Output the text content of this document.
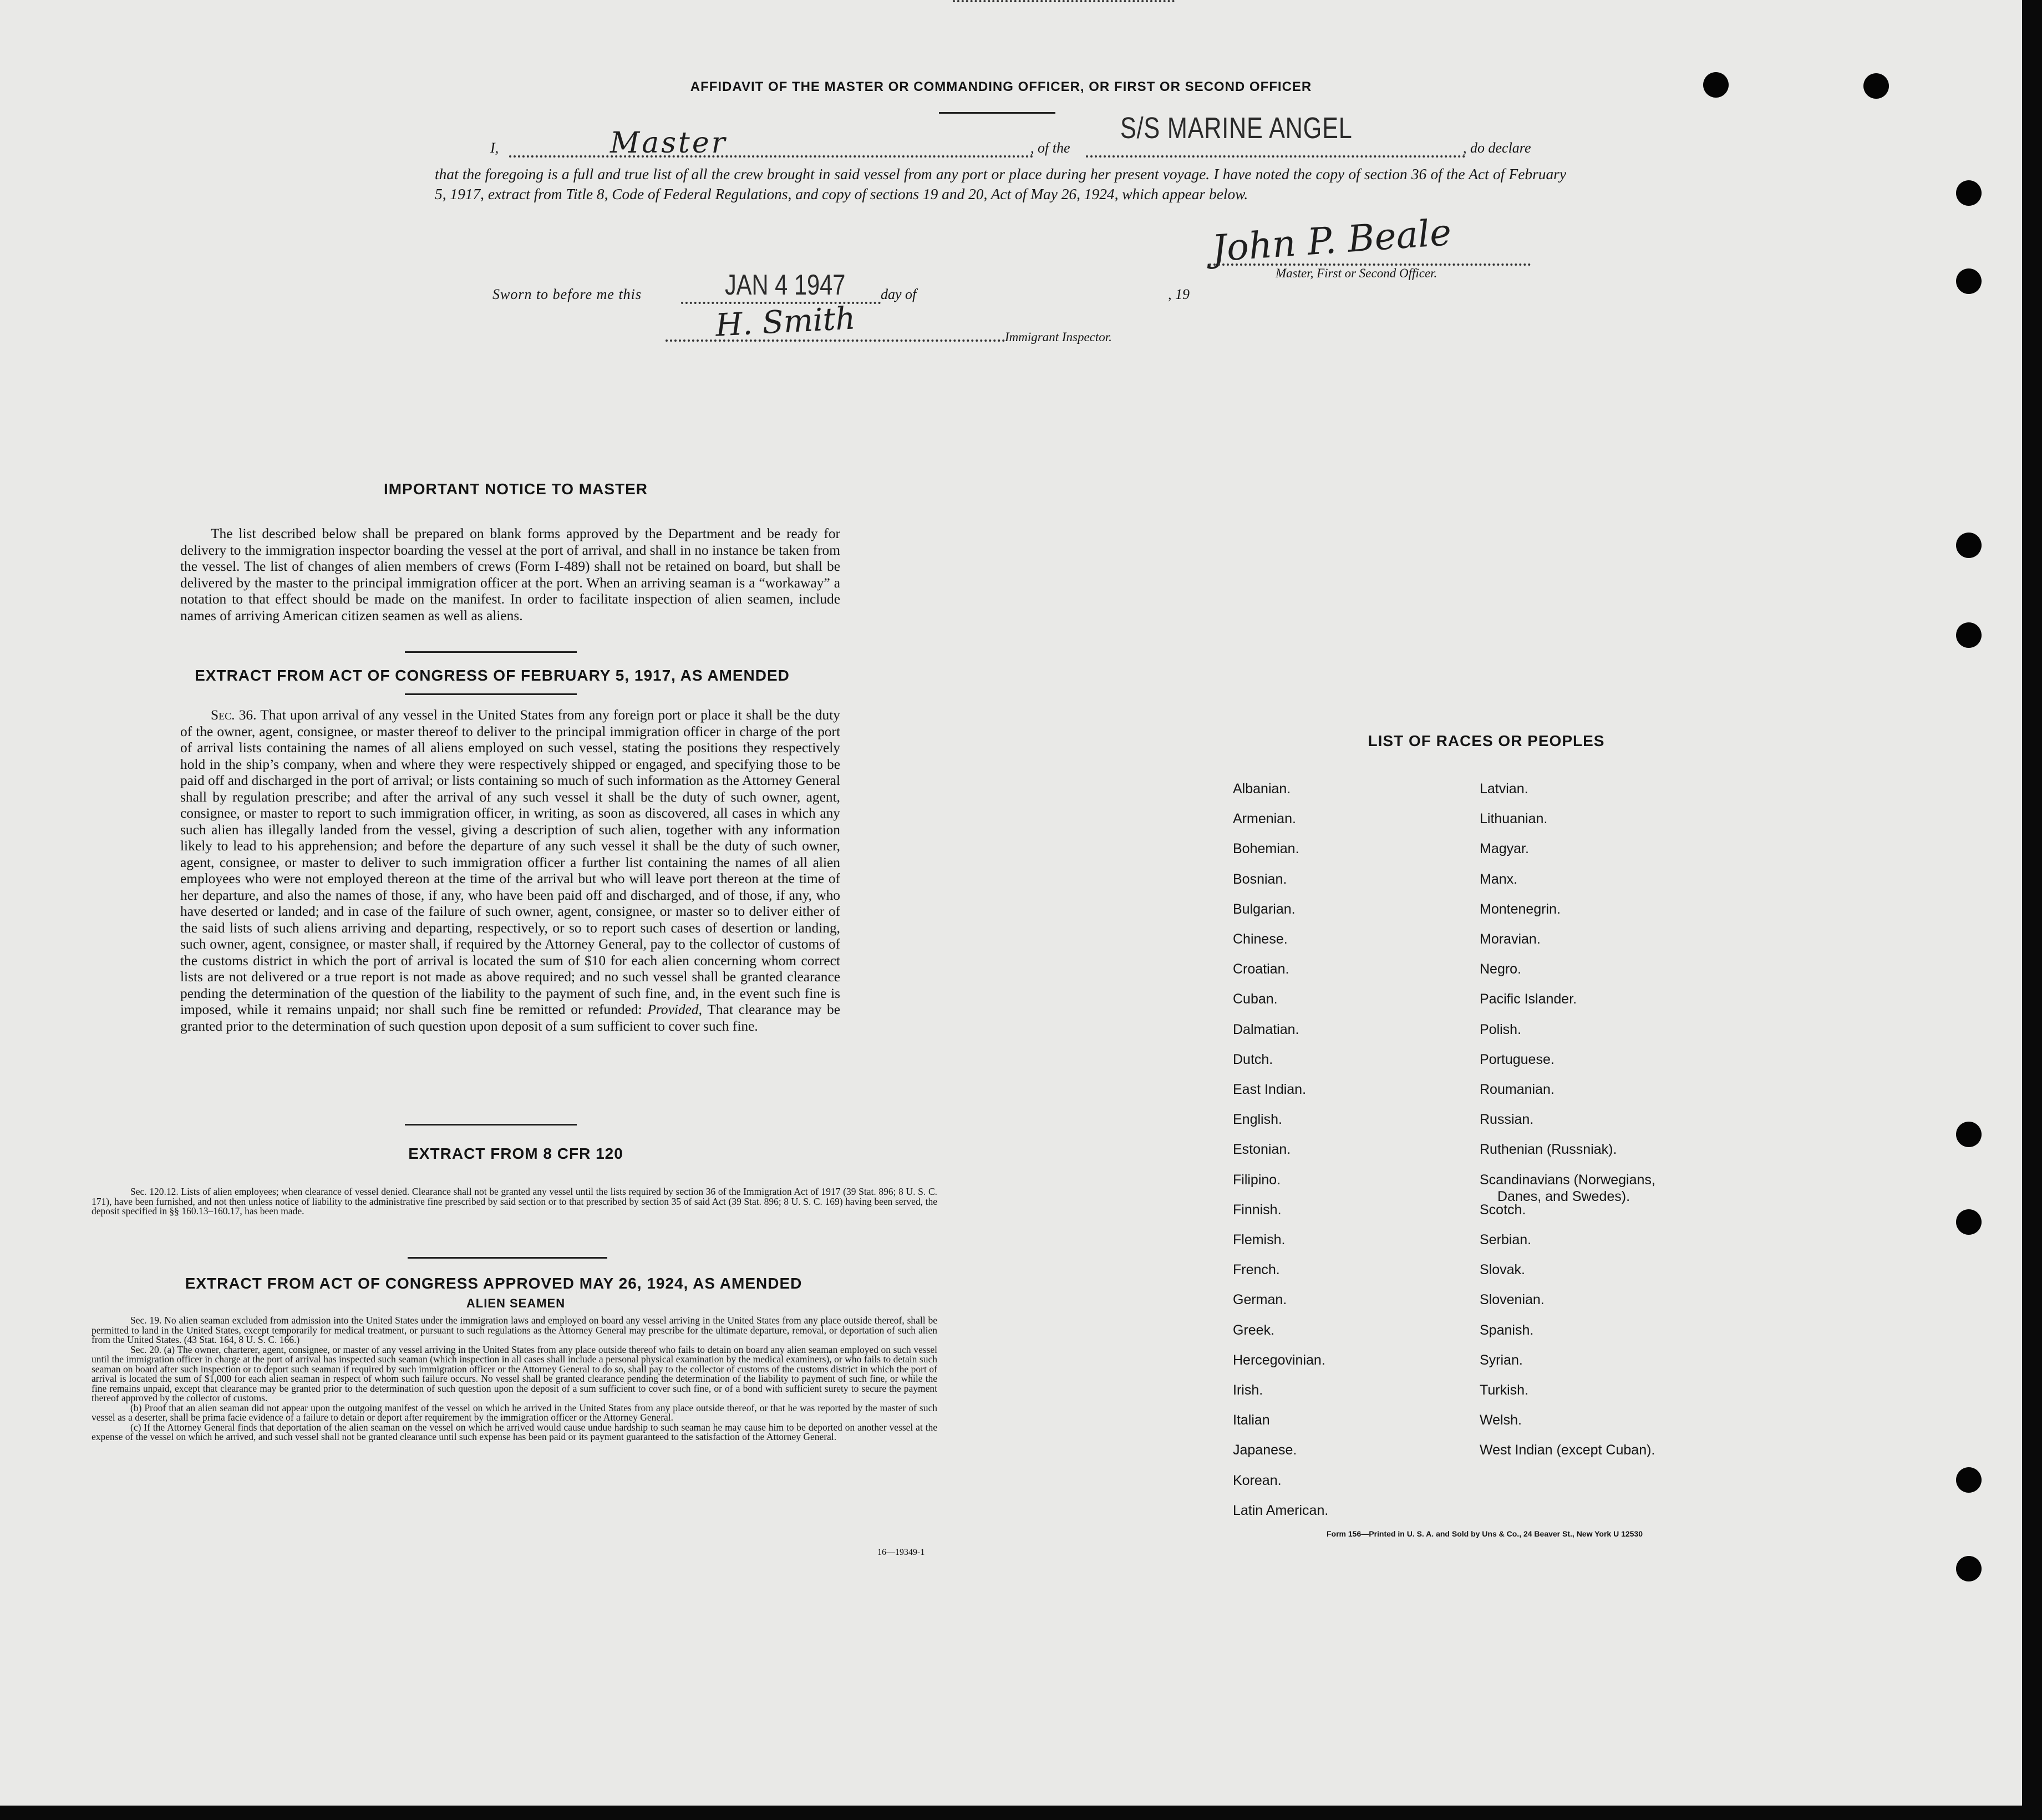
AFFIDAVIT OF THE MASTER OR COMMANDING OFFICER, OR FIRST OR SECOND OFFICER
I,	Master	, of the
S/S MARINE ANGEL
, do declare
that the foregoing is a full and true list of all the crew brought in said vessel from any port or place during her present voyage. I have noted the copy of section 36 of the Act of February 5, 1917, extract from Title 8, Code of Federal Regulations, and copy of sections 19 and 20, Act of May 26, 1924, which appear below.
John P. Beale
Master, First or Second Officer.
Sworn to before me this	JAN 4 1947 day of	, 19
H. Smith	Immigrant Inspector.
IMPORTANT NOTICE TO MASTER

The list described below shall be prepared on blank forms approved by the Department and be ready for delivery to the immigration inspector boarding the vessel at the port of arrival, and shall in no instance be taken from the vessel. The list of changes of alien members of crews (Form I-489) shall not be retained on board, but shall be delivered by the master to the principal immigration officer at the port. When an arriving seaman is a “workaway” a notation to that effect should be made on the manifest. In order to facilitate inspection of alien seamen, include names of arriving American citizen seamen as well as aliens.

EXTRACT FROM ACT OF CONGRESS OF FEBRUARY 5, 1917, AS AMENDED

Sec. 36. That upon arrival of any vessel in the United States from any foreign port or place it shall be the duty of the owner, agent, consignee, or master thereof to deliver to the principal immigration officer in charge of the port of arrival lists containing the names of all aliens employed on such vessel, stating the positions they respectively hold in the ship’s company, when and where they were respectively shipped or engaged, and specifying those to be paid off and discharged in the port of arrival; or lists containing so much of such information as the Attorney General shall by regulation prescribe; and after the arrival of any such vessel it shall be the duty of such owner, agent, consignee, or master to report to such immigration officer, in writing, as soon as discovered, all cases in which any such alien has illegally landed from the vessel, giving a description of such alien, together with any information likely to lead to his apprehension; and before the departure of any such vessel it shall be the duty of such owner, agent, consignee, or master to deliver to such immigration officer a further list containing the names of all alien employees who were not employed thereon at the time of the arrival but who will leave port thereon at the time of her departure, and also the names of those, if any, who have been paid off and discharged, and of those, if any, who have deserted or landed; and in case of the failure of such owner, agent, consignee, or master so to deliver either of the said lists of such aliens arriving and departing, respectively, or so to report such cases of desertion or landing, such owner, agent, consignee, or master shall, if required by the Attorney General, pay to the collector of customs of the customs district in which the port of arrival is located the sum of $10 for each alien concerning whom correct lists are not delivered or a true report is not made as above required; and no such vessel shall be granted clearance pending the determination of the question of the liability to the payment of such fine, and, in the event such fine is imposed, while it remains unpaid; nor shall such fine be remitted or refunded: Provided, That clearance may be granted prior to the determination of such question upon deposit of a sum sufficient to cover such fine.

EXTRACT FROM 8 CFR 120

Sec. 120.12. Lists of alien employees; when clearance of vessel denied. Clearance shall not be granted any vessel until the lists required by section 36 of the Immigration Act of 1917 (39 Stat. 896; 8 U. S. C. 171), have been furnished, and not then unless notice of liability to the administrative fine prescribed by said section or to that prescribed by section 35 of said Act (39 Stat. 896; 8 U. S. C. 169) having been served, the deposit specified in §§ 160.13–160.17, has been made.

EXTRACT FROM ACT OF CONGRESS APPROVED MAY 26, 1924, AS AMENDED
ALIEN SEAMEN

Sec. 19. No alien seaman excluded from admission into the United States under the immigration laws and employed on board any vessel arriving in the United States from any place outside thereof, shall be permitted to land in the United States, except temporarily for medical treatment, or pursuant to such regulations as the Attorney General may prescribe for the ultimate departure, removal, or deportation of such alien from the United States. (43 Stat. 164, 8 U. S. C. 166.)

Sec. 20. (a) The owner, charterer, agent, consignee, or master of any vessel arriving in the United States from any place outside thereof who fails to detain on board any alien seaman employed on such vessel until the immigration officer in charge at the port of arrival has inspected such seaman (which inspection in all cases shall include a personal physical examination by the medical examiners), or who fails to detain such seaman on board after such inspection or to deport such seaman if required by such immigration officer or the Attorney General to do so, shall pay to the collector of customs of the customs district in which the port of arrival is located the sum of $1,000 for each alien seaman in respect of whom such failure occurs. No vessel shall be granted clearance pending the determination of the liability to payment of such fine, or while the fine remains unpaid, except that clearance may be granted prior to the determination of such question upon the deposit of a sum sufficient to cover such fine, or of a bond with sufficient surety to secure the payment thereof approved by the collector of customs.

(b) Proof that an alien seaman did not appear upon the outgoing manifest of the vessel on which he arrived in the United States from any place outside thereof, or that he was reported by the master of such vessel as a deserter, shall be prima facie evidence of a failure to detain or deport after requirement by the immigration officer or the Attorney General.

(c) If the Attorney General finds that deportation of the alien seaman on the vessel on which he arrived would cause undue hardship to such seaman he may cause him to be deported on another vessel at the expense of the vessel on which he arrived, and such vessel shall not be granted clearance until such expense has been paid or its payment guaranteed to the satisfaction of the Attorney General.

16—19349-1
LIST OF RACES OR PEOPLES
Form 156—Printed in U. S. A. and Sold by Uns & Co., 24 Beaver St., New York U 12530
Albanian.
Armenian.
Bohemian.
Bosnian.
Bulgarian.
Chinese.
Croatian.
Cuban.
Dalmatian.
Dutch.
East Indian.
English.
Estonian.
Filipino.
Finnish.
Flemish.
French.
German.
Greek.
Hercegovinian.
Irish.
Italian
Japanese.
Korean.
Latin American.
Latvian.
Lithuanian.
Magyar.
Manx.
Montenegrin.
Moravian.
Negro.
Pacific Islander.
Polish.
Portuguese.
Roumanian.
Russian.
Ruthenian (Russniak).
Scandinavians (Norwegians,
Danes, and Swedes).
Scotch.
Serbian.
Slovak.
Slovenian.
Spanish.
Syrian.
Turkish.
Welsh.
West Indian (except Cuban).
